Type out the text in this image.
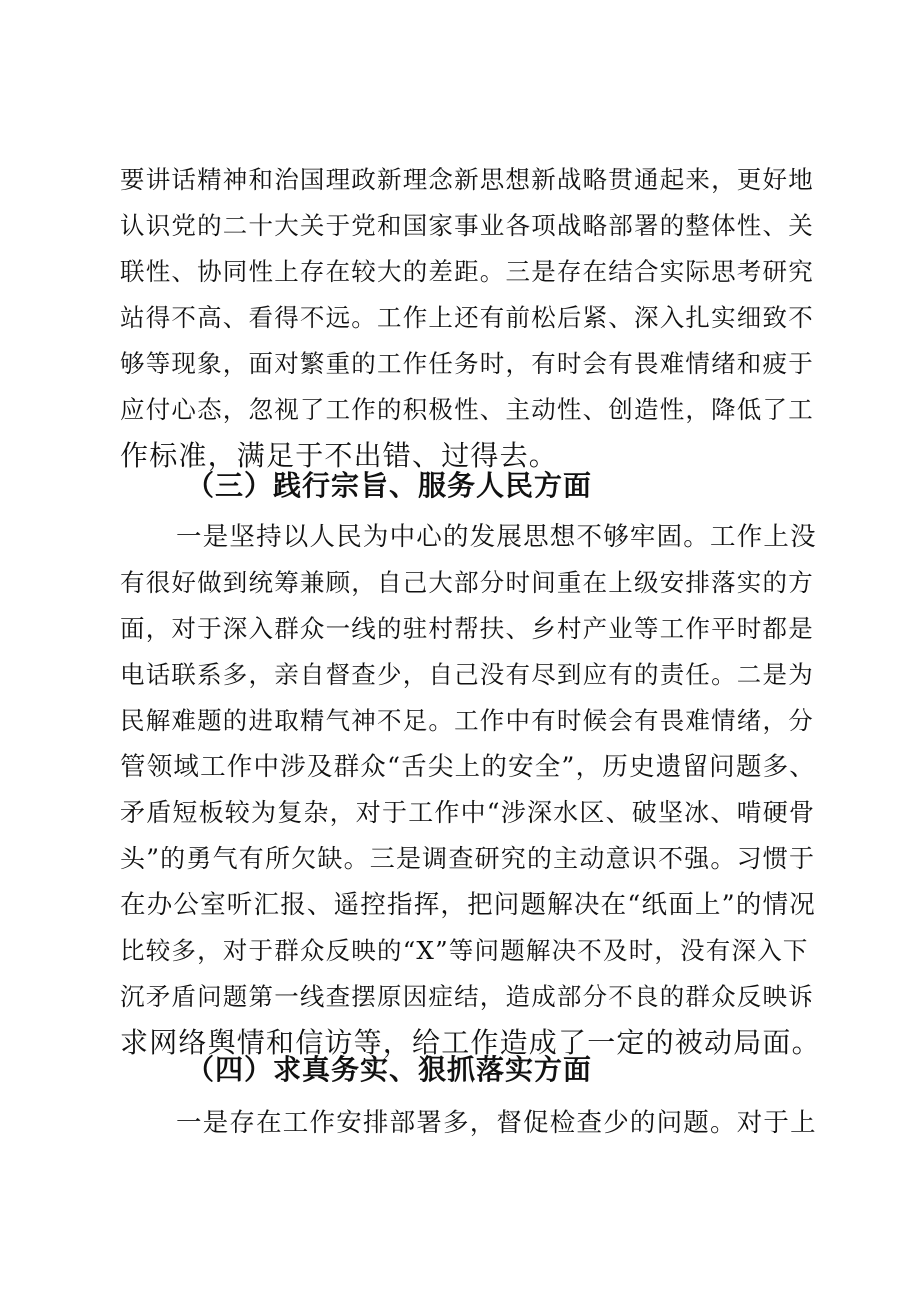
要讲话精神和治国理政新理念新思想新战略贯通起来，更好地
认识党的二十大关于党和国家事业各项战略部署的整体性、关
联性、协同性上存在较大的差距。三是存在结合实际思考研究
站得不高、看得不远。工作上还有前松后紧、深入扎实细致不
够等现象，面对繁重的工作任务时，有时会有畏难情绪和疲于
应付心态，忽视了工作的积极性、主动性、创造性，降低了工
作标准，满足于不出错、过得去。
（三）践行宗旨、服务人民方面
一是坚持以人民为中心的发展思想不够牢固。工作上没
有很好做到统筹兼顾，自己大部分时间重在上级安排落实的方
面，对于深入群众一线的驻村帮扶、乡村产业等工作平时都是
电话联系多，亲自督查少，自己没有尽到应有的责任。二是为
民解难题的进取精气神不足。工作中有时候会有畏难情绪，分
管领域工作中涉及群众“舌尖上的安全”，历史遗留问题多、
矛盾短板较为复杂，对于工作中“涉深水区、破坚冰、啃硬骨
头”的勇气有所欠缺。三是调查研究的主动意识不强。习惯于
在办公室听汇报、遥控指挥，把问题解决在“纸面上”的情况
比较多，对于群众反映的“X”等问题解决不及时，没有深入下
沉矛盾问题第一线查摆原因症结，造成部分不良的群众反映诉
求网络舆情和信访等，给工作造成了一定的被动局面。
（四）求真务实、狠抓落实方面
一是存在工作安排部署多，督促检查少的问题。对于上
